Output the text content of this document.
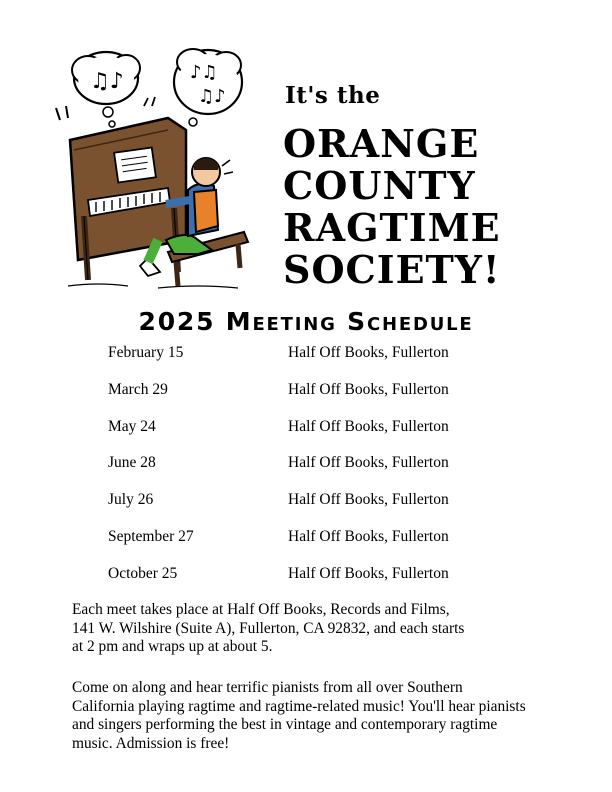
♫♪	♪♫
♫♪	It's the
ORANGE
COUNTY
RAGTIME
SOCIETY!
2025 Meeting Schedule
February 15	Half Off Books, Fullerton
March 29	Half Off Books, Fullerton
May 24	Half Off Books, Fullerton
June 28	Half Off Books, Fullerton
July 26	Half Off Books, Fullerton
September 27	Half Off Books, Fullerton
October 25	Half Off Books, Fullerton
Each meet takes place at Half Off Books, Records and Films,
141 W. Wilshire (Suite A), Fullerton, CA 92832, and each starts
at 2 pm and wraps up at about 5.
Come on along and hear terrific pianists from all over Southern
California playing ragtime and ragtime-related music! You'll hear pianists
and singers performing the best in vintage and contemporary ragtime
music. Admission is free!
